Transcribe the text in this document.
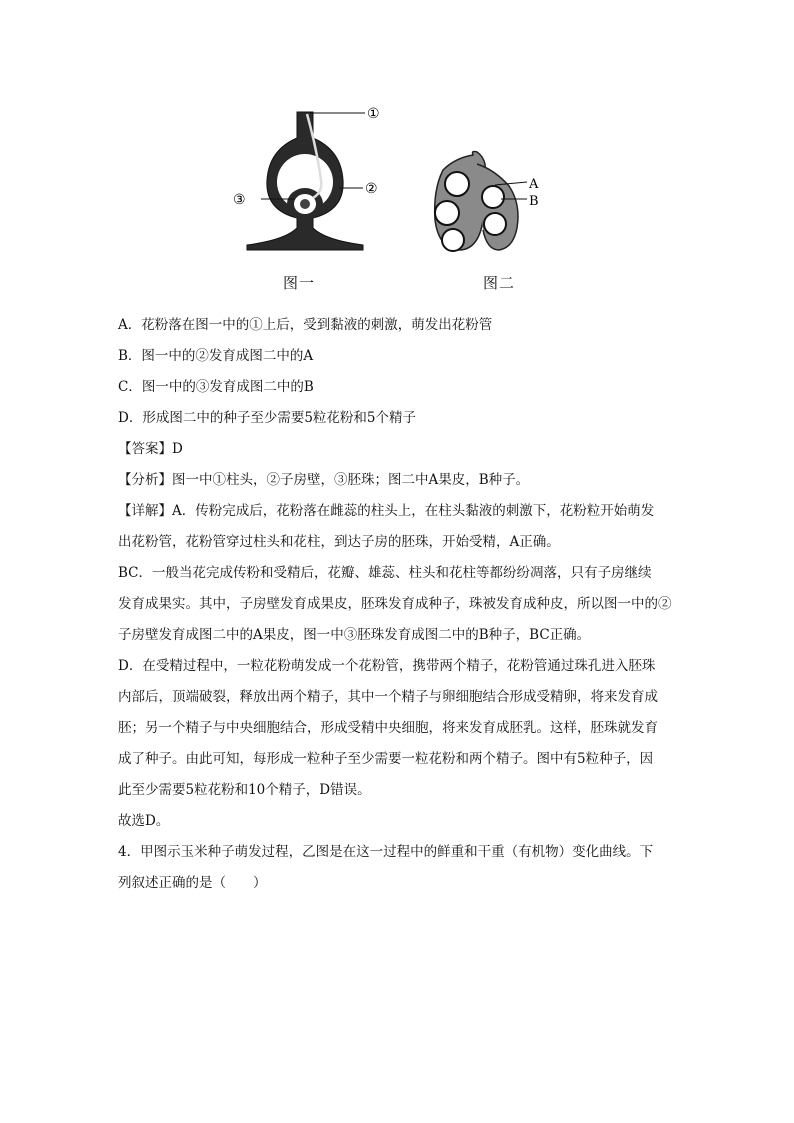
①
②
③
A
B
图一	图二
A．花粉落在图一中的①上后，受到黏液的刺激，萌发出花粉管
B．图一中的②发育成图二中的A
C．图一中的③发育成图二中的B
D．形成图二中的种子至少需要5粒花粉和5个精子
【答案】D
【分析】图一中①柱头，②子房壁，③胚珠；图二中A果皮，B种子。
【详解】A．传粉完成后，花粉落在雌蕊的柱头上，在柱头黏液的刺激下，花粉粒开始萌发
出花粉管，花粉管穿过柱头和花柱，到达子房的胚珠，开始受精，A正确。
BC．一般当花完成传粉和受精后，花瓣、雄蕊、柱头和花柱等都纷纷凋落，只有子房继续
发育成果实。其中，子房壁发育成果皮，胚珠发育成种子，珠被发育成种皮，所以图一中的②
子房壁发育成图二中的A果皮，图一中③胚珠发育成图二中的B种子，BC正确。
D．在受精过程中，一粒花粉萌发成一个花粉管，携带两个精子，花粉管通过珠孔进入胚珠
内部后，顶端破裂，释放出两个精子，其中一个精子与卵细胞结合形成受精卵，将来发育成
胚；另一个精子与中央细胞结合，形成受精中央细胞，将来发育成胚乳。这样，胚珠就发育
成了种子。由此可知，每形成一粒种子至少需要一粒花粉和两个精子。图中有5粒种子，因
此至少需要5粒花粉和10个精子，D错误。
故选D。
4．甲图示玉米种子萌发过程，乙图是在这一过程中的鲜重和干重（有机物）变化曲线。下
列叙述正确的是（　　）
